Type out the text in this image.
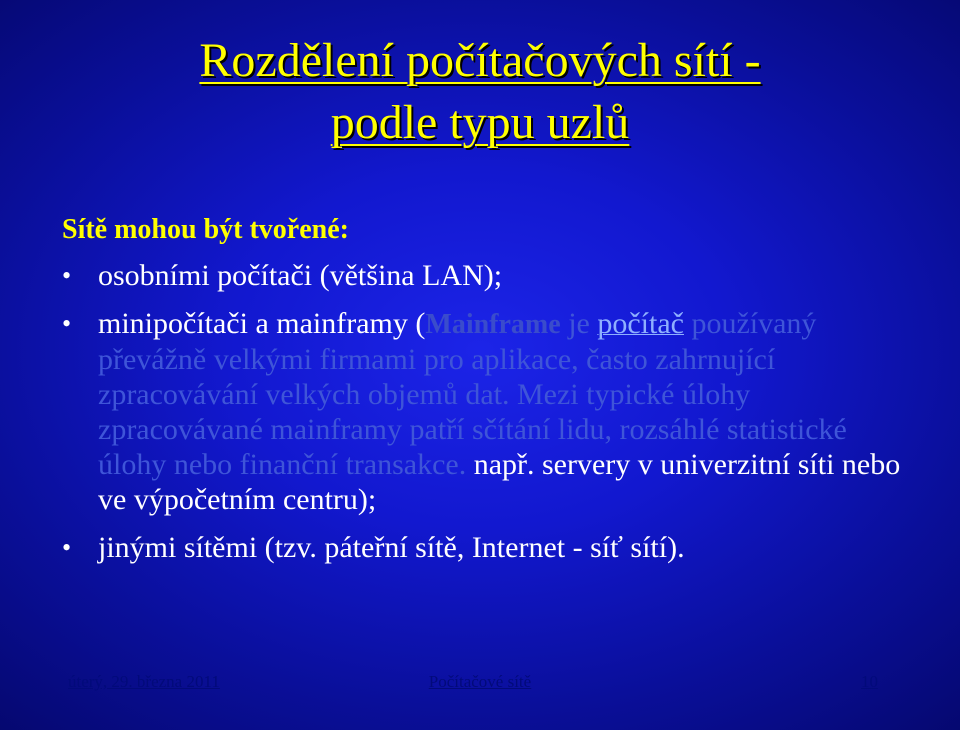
Rozdělení počítačových sítí -
podle typu uzlů
Sítě mohou být tvořené:
• osobními počítači (většina LAN);
• minipočítači a mainframy (Mainframe je počítač používaný převážně velkými firmami pro aplikace, často zahrnující zpracovávání velkých objemů dat. Mezi typické úlohy zpracovávané mainframy patří sčítání lidu, rozsáhlé statistické úlohy nebo finanční transakce. např. servery v univerzitní síti nebo ve výpočetním centru);
• jinými sítěmi (tzv. páteřní sítě, Internet - síť sítí).
úterý, 29. března 2011	Počítačové sítě	10
